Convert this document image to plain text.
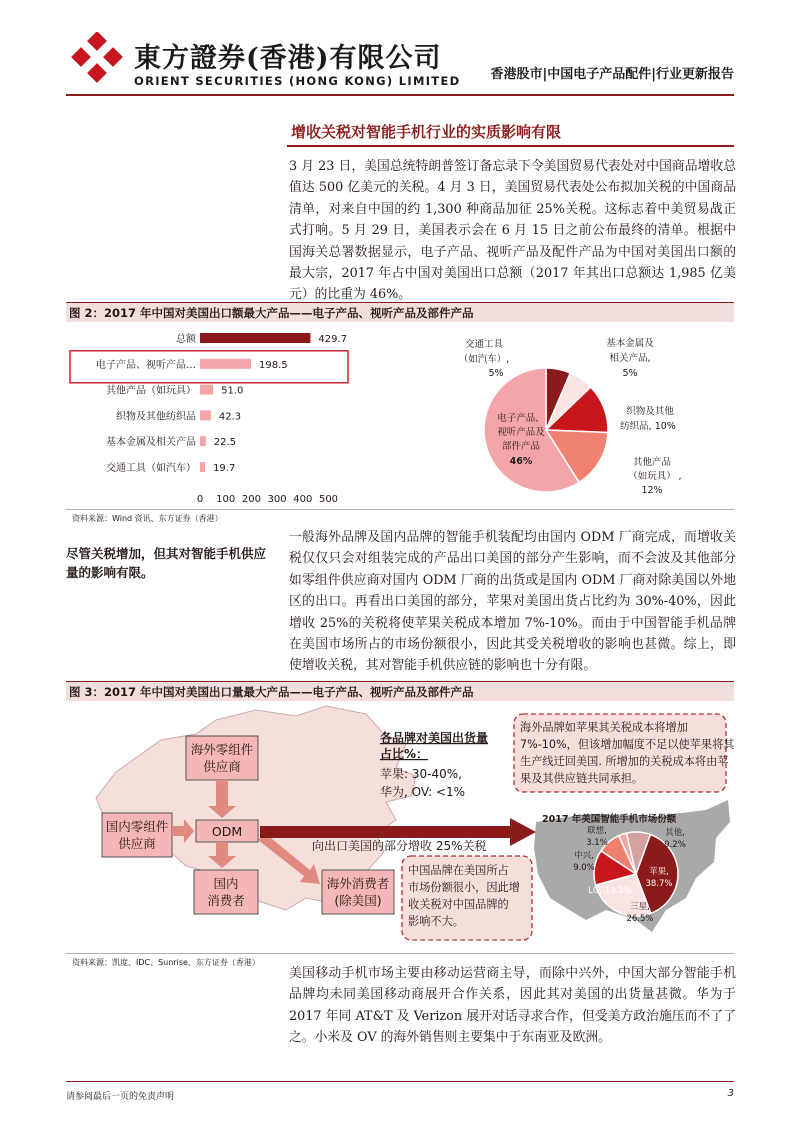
東方證券(香港)有限公司
ORIENT SECURITIES (HONG KONG) LIMITED 香港股市|中国电子产品配件|行业更新报告
增收关税对智能手机行业的实质影响有限
3 月 23 日，美国总统特朗普签订备忘录下令美国贸易代表处对中国商品增收总值达 500 亿美元的关税。4 月 3 日，美国贸易代表处公布拟加关税的中国商品清单，对来自中国的约 1,300 种商品加征 25%关税。这标志着中美贸易战正式打响。5 月 29 日，美国表示会在 6 月 15 日之前公布最终的清单。根据中国海关总署数据显示，电子产品、视听产品及配件产品为中国对美国出口额的最大宗，2017 年占中国对美国出口总额（2017 年其出口总额达 1,985 亿美元）的比重为 46%。
图 2：2017 年中国对美国出口额最大产品——电子产品、视听产品及部件产品
总额	429.7
电子产品、视听产品…	198.5
其他产品（如玩具）	51.0
织物及其他纺织品 42.3
基本金属及相关产品 22.5
交通工具（如汽车） 19.7
0 100 200 300 400 500
交通工具（如汽车）, 5%
基本金属及相关产品, 5%
织物及其他纺织品, 10%
其他产品（如玩具） , 12%
电子产品、视听产品及部件产品 46%
资料来源：Wind 资讯、东方证券（香港）
尽管关税增加，但其对智能手机供应量的影响有限。
一般海外品牌及国内品牌的智能手机装配均由国内 ODM 厂商完成，而增收关税仅仅只会对组装完成的产品出口美国的部分产生影响，而不会波及其他部分如零组件供应商对国内 ODM 厂商的出货或是国内 ODM 厂商对除美国以外地区的出口。再看出口美国的部分，苹果对美国出货占比约为 30%-40%，因此增收 25%的关税将使苹果关税成本增加 7%-10%。而由于中国智能手机品牌在美国市场所占的市场份额很小，因此其受关税增收的影响也甚微。综上，即使增收关税，其对智能手机供应链的影响也十分有限。
图 3：2017 年中国对美国出口量最大产品——电子产品、视听产品及部件产品
海外零组件供应商
国内零组件供应商
ODM
国内消费者
海外消费者(除美国)
向出口美国的部分增收 25%关税
各品牌对美国出货量占比%：
苹果: 30-40%,华为, OV: <1%
海外品牌如苹果其关税成本将增加 7%-10%，但该增加幅度不足以使苹果将其生产线迁回美国. 所增加的关税成本将由苹果及其供应链共同承担。
中国品牌在美国所占市场份额很小，因此增收关税对中国品牌的影响不大。
2017 年美国智能手机市场份额
联想, 3.1%
中兴, 9.0%
其他, 9.2%
苹果, 38.7%
LG, 13.5%
三星, 26.5%
资料来源：凯度、IDC、Sunrise、东方证券（香港）
美国移动手机市场主要由移动运营商主导，而除中兴外，中国大部分智能手机品牌均未同美国移动商展开合作关系，因此其对美国的出货量甚微。华为于 2017 年同 AT&T 及 Verizon 展开对话寻求合作，但受美方政治施压而不了了之。小米及 OV 的海外销售则主要集中于东南亚及欧洲。
请参阅最后一页的免责声明	3
